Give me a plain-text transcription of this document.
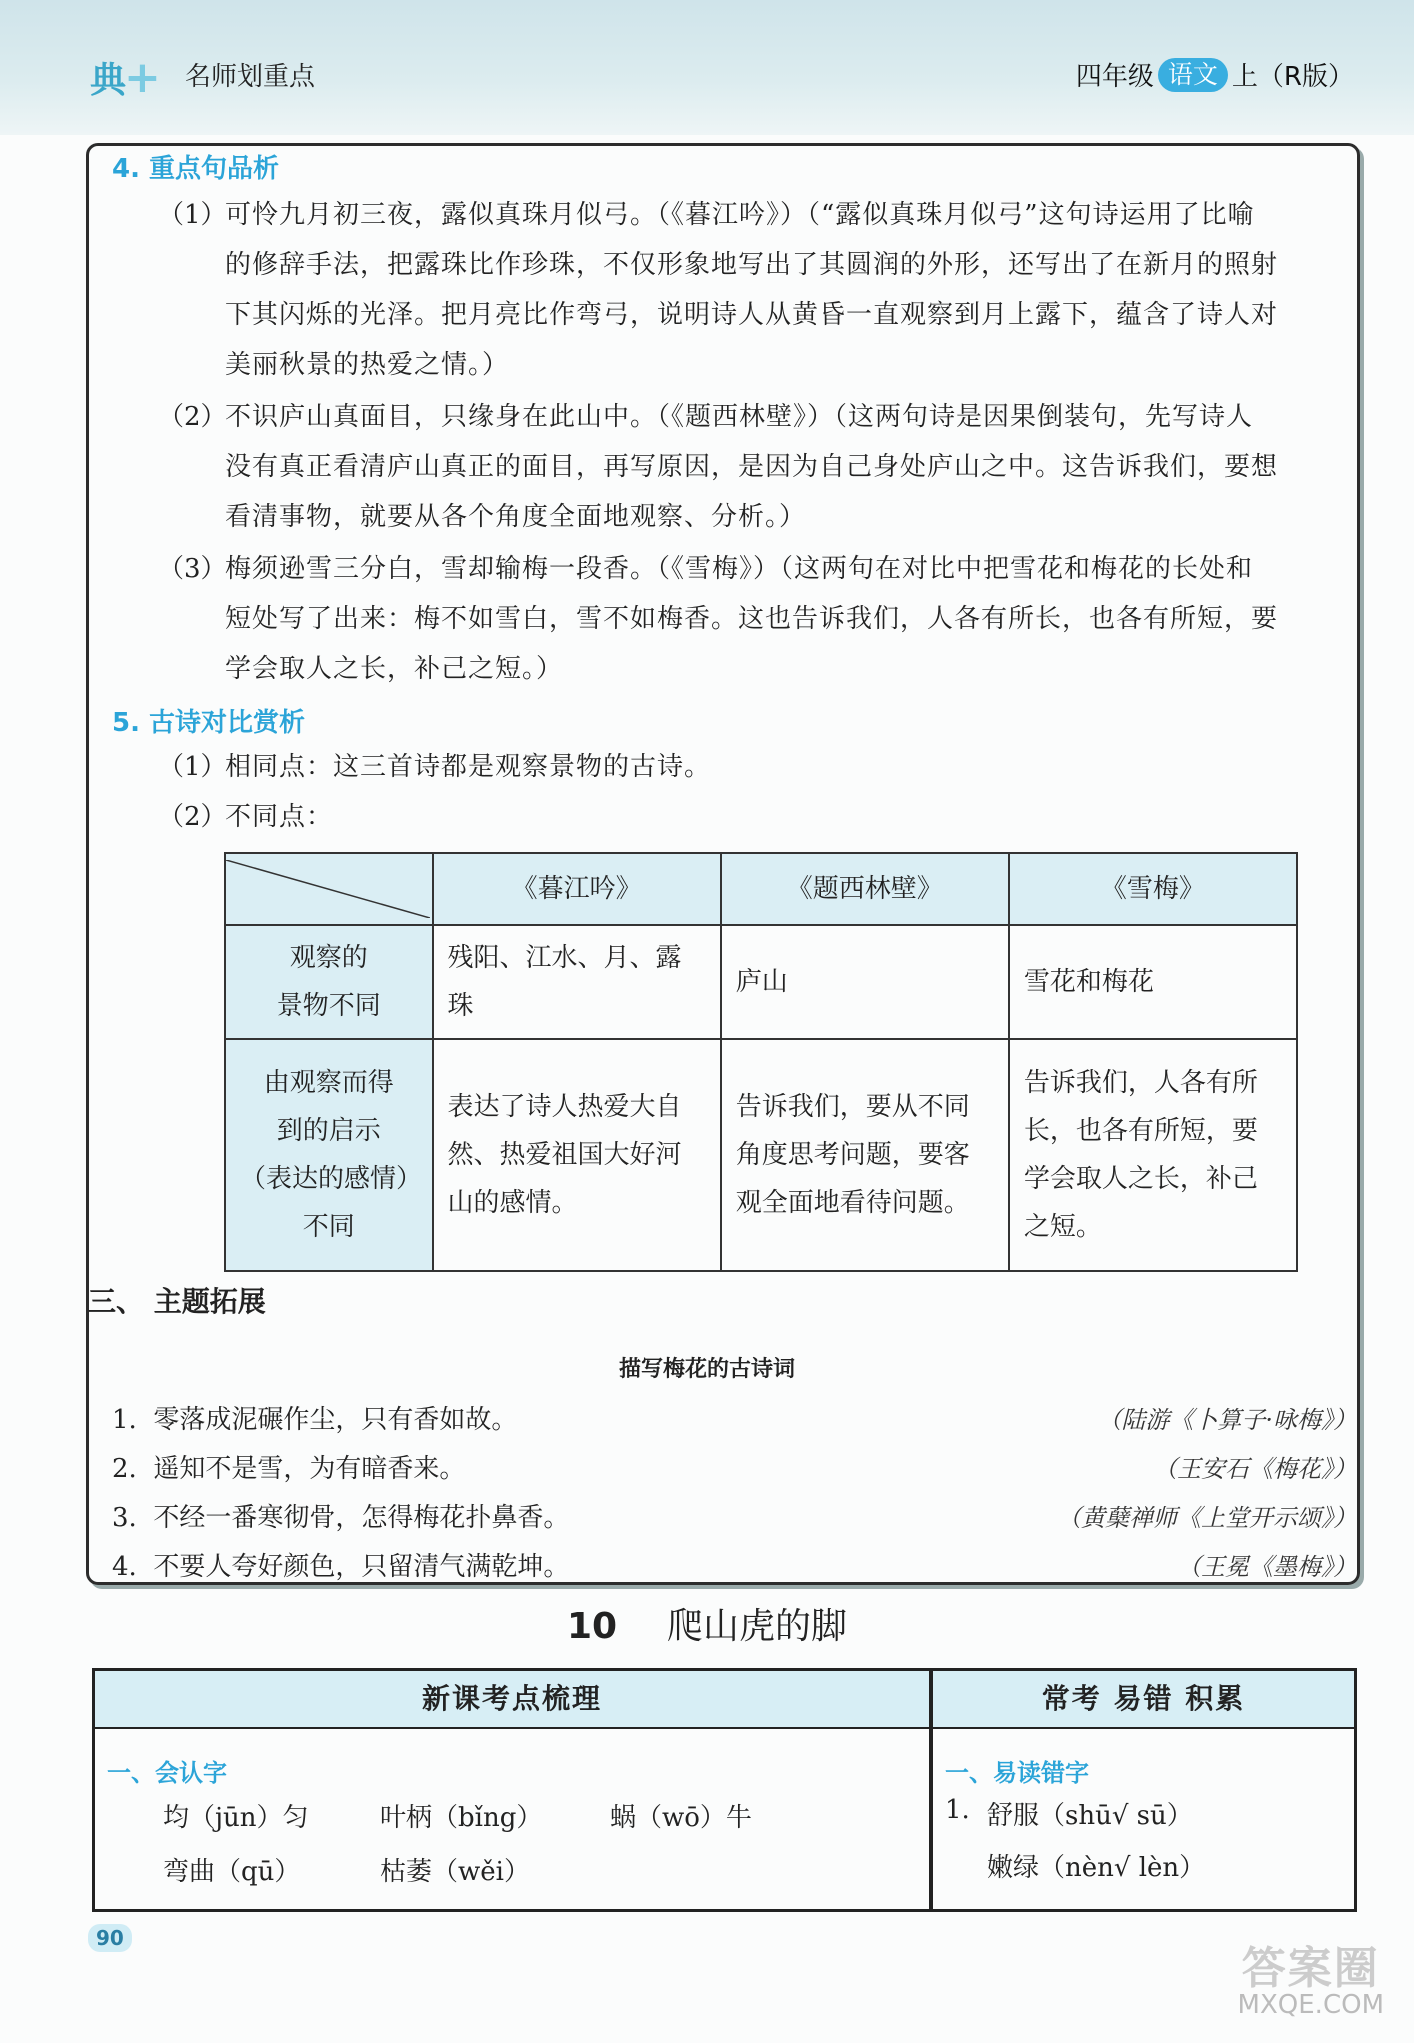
典+ 名师划重点	四年级 语文 上（R版）
4. 重点句品析
（1）
可怜九月初三夜，露似真珠月似弓。（《暮江吟》）（“露似真珠月似弓”这句诗运用了比喻
的修辞手法，把露珠比作珍珠，不仅形象地写出了其圆润的外形，还写出了在新月的照射
下其闪烁的光泽。把月亮比作弯弓，说明诗人从黄昏一直观察到月上露下，蕴含了诗人对
美丽秋景的热爱之情。）
（2）
不识庐山真面目，只缘身在此山中。（《题西林壁》）（这两句诗是因果倒装句，先写诗人
没有真正看清庐山真正的面目，再写原因，是因为自己身处庐山之中。这告诉我们，要想
看清事物，就要从各个角度全面地观察、分析。）
（3）
梅须逊雪三分白，雪却输梅一段香。（《雪梅》）（这两句在对比中把雪花和梅花的长处和
短处写了出来：梅不如雪白，雪不如梅香。这也告诉我们，人各有所长，也各有所短，要
学会取人之长，补己之短。）
5. 古诗对比赏析
（1）
相同点：这三首诗都是观察景物的古诗。
（2）
不同点：
	《暮江吟》	《题西林壁》	《雪梅》

观察的
景物不同	残阳、江水、月、露珠	庐山	雪花和梅花

由观察而得
到的启示
（表达的感情）
不同	表达了诗人热爱大自然、热爱祖国大好河山的感情。	告诉我们，要从不同角度思考问题，要客观全面地看待问题。	告诉我们，人各有所长，也各有所短，要学会取人之长，补己之短。
三、 主题拓展
描写梅花的古诗词
1. 零落成泥碾作尘，只有香如故。	（陆游《卜算子·咏梅》）
2. 遥知不是雪，为有暗香来。	（王安石《梅花》）
3. 不经一番寒彻骨，怎得梅花扑鼻香。	（黄蘖禅师《上堂开示颂》）
4. 不要人夸好颜色，只留清气满乾坤。	（王冕《墨梅》）
10 爬山虎的脚
新课考点梳理
一、会认字
均（jūn）匀	叶柄（bǐng）	蜗（wō）牛
弯曲（qū）	枯萎（wěi）
常考 易错 积累
一、易读错字
1. 舒服（shū√ sū）
嫩绿（nèn√ lèn）
90
答案圈
MXQE.COM
